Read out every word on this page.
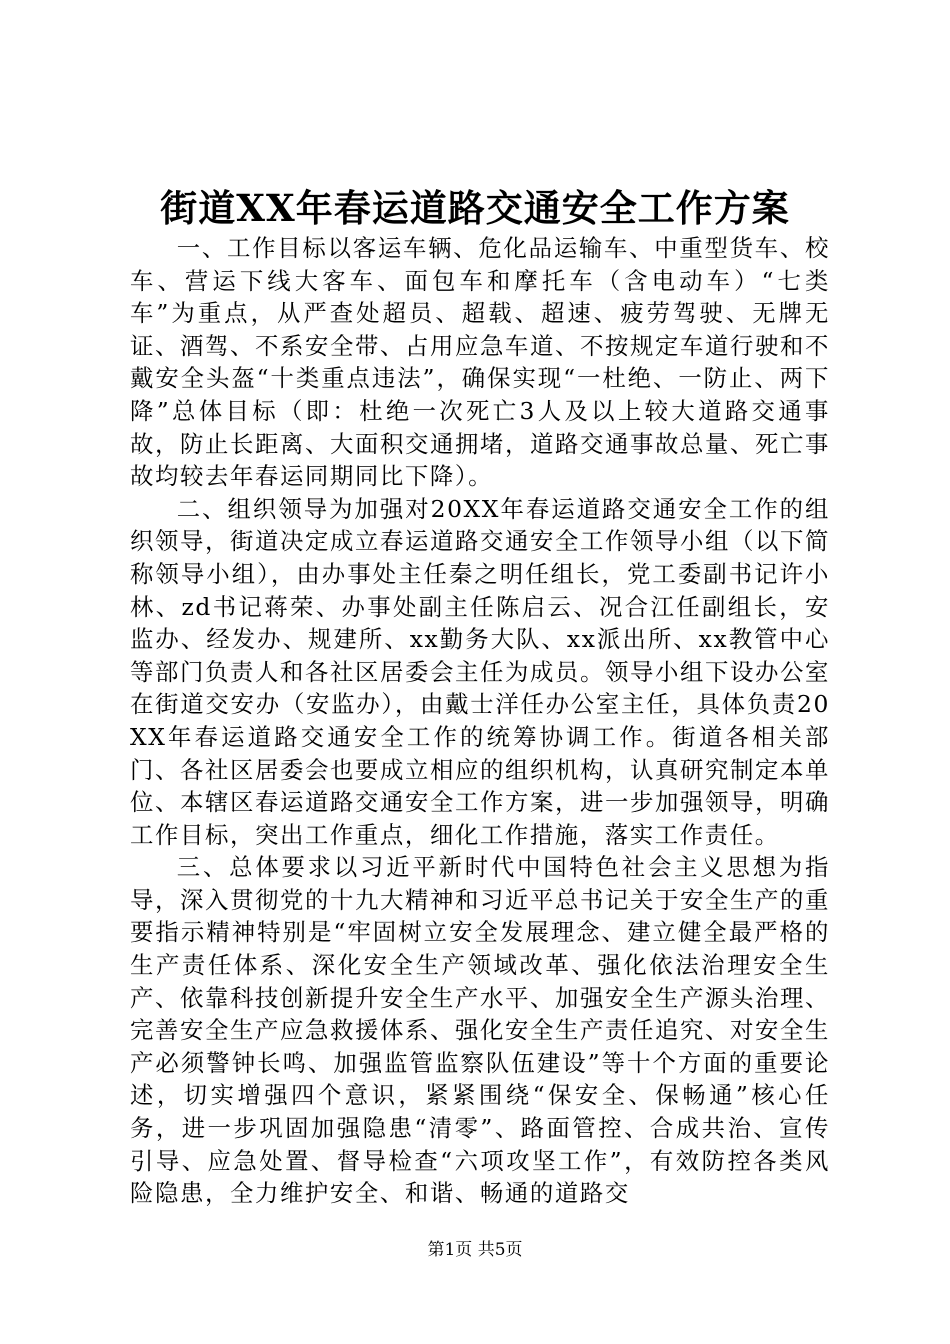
街道XX年春运道路交通安全工作方案

一、工作目标以客运车辆、危化品运输车、中重型货车、校车、营运下线大客车、面包车和摩托车（含电动车）“七类车”为重点，从严查处超员、超载、超速、疲劳驾驶、无牌无证、酒驾、不系安全带、占用应急车道、不按规定车道行驶和不戴安全头盔“十类重点违法”，确保实现“一杜绝、一防止、两下降”总体目标（即：杜绝一次死亡3人及以上较大道路交通事故，防止长距离、大面积交通拥堵，道路交通事故总量、死亡事故均较去年春运同期同比下降）。

二、组织领导为加强对20XX年春运道路交通安全工作的组织领导，街道决定成立春运道路交通安全工作领导小组（以下简称领导小组），由办事处主任秦之明任组长，党工委副书记许小林、zd书记蒋荣、办事处副主任陈启云、况合江任副组长，安监办、经发办、规建所、xx勤务大队、xx派出所、xx教管中心等部门负责人和各社区居委会主任为成员。领导小组下设办公室在街道交安办（安监办），由戴士洋任办公室主任，具体负责20XX年春运道路交通安全工作的统筹协调工作。街道各相关部门、各社区居委会也要成立相应的组织机构，认真研究制定本单位、本辖区春运道路交通安全工作方案，进一步加强领导，明确工作目标，突出工作重点，细化工作措施，落实工作责任。

三、总体要求以习近平新时代中国特色社会主义思想为指导，深入贯彻党的十九大精神和习近平总书记关于安全生产的重要指示精神特别是“牢固树立安全发展理念、建立健全最严格的生产责任体系、深化安全生产领域改革、强化依法治理安全生产、依靠科技创新提升安全生产水平、加强安全生产源头治理、完善安全生产应急救援体系、强化安全生产责任追究、对安全生产必须警钟长鸣、加强监管监察队伍建设”等十个方面的重要论述，切实增强四个意识，紧紧围绕“保安全、保畅通”核心任务，进一步巩固加强隐患“清零”、路面管控、合成共治、宣传引导、应急处置、督导检查“六项攻坚工作”，有效防控各类风险隐患，全力维护安全、和谐、畅通的道路交

第1页 共5页
